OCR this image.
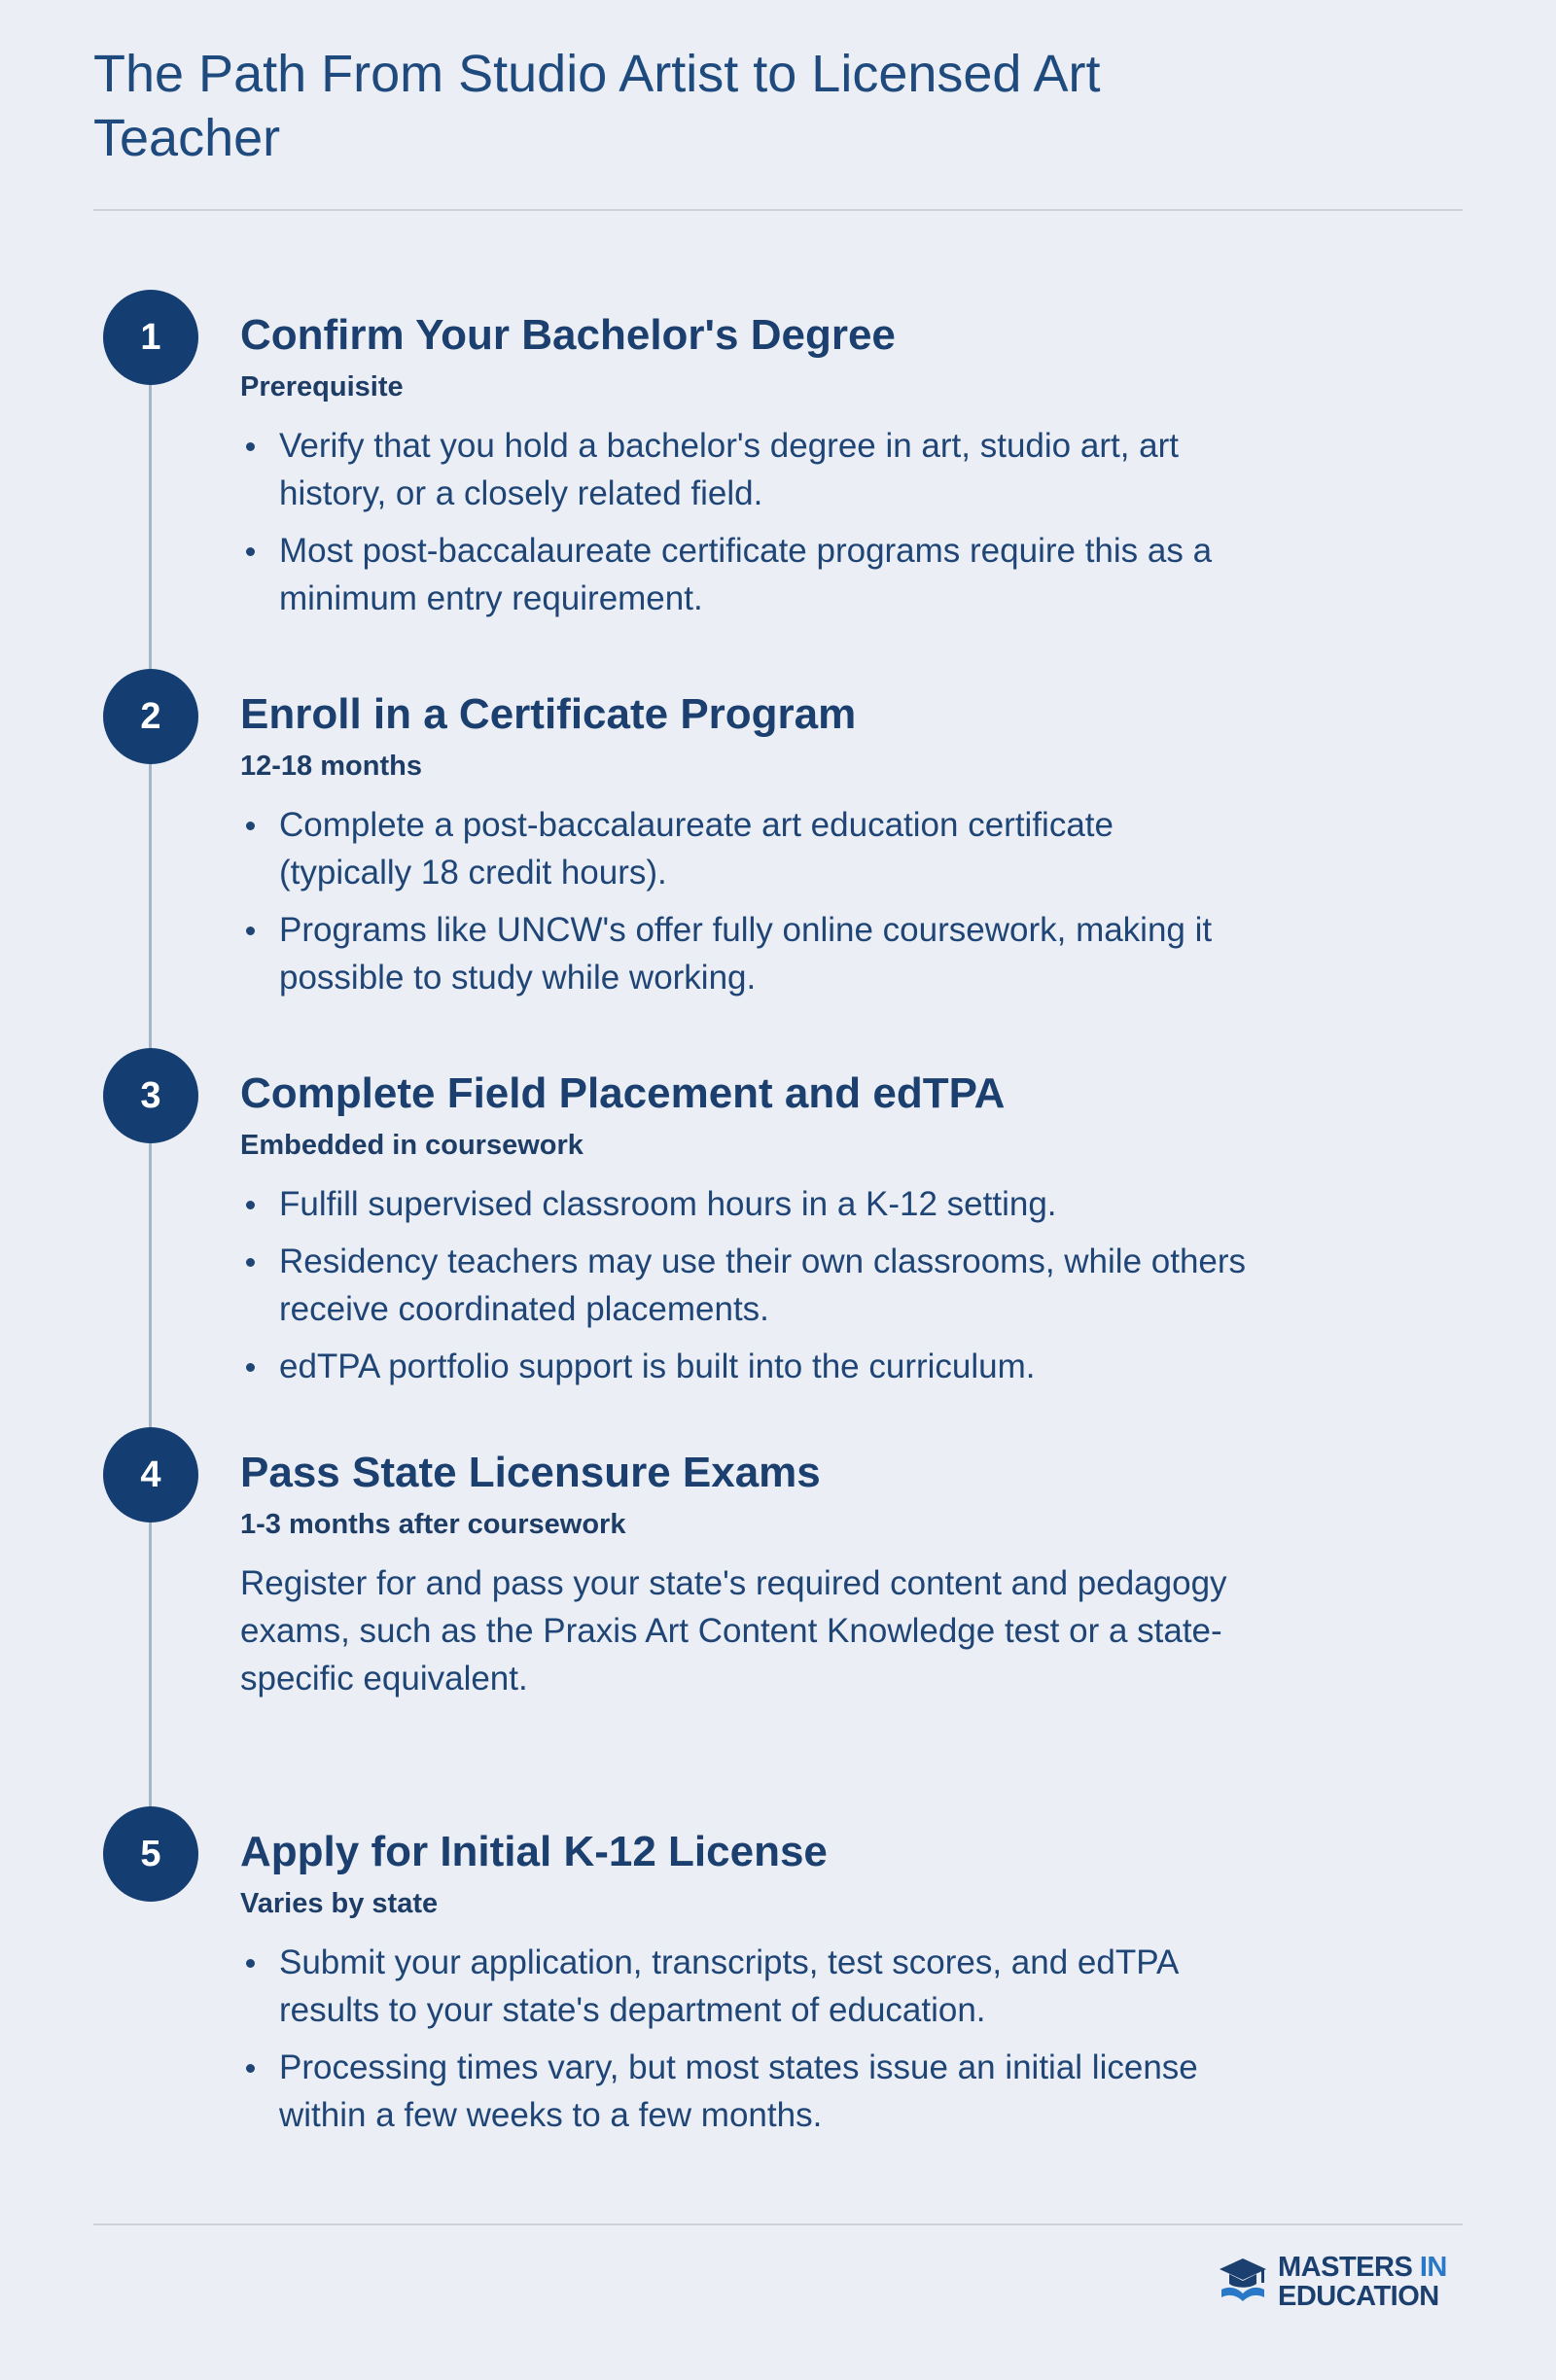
The Path From Studio Artist to Licensed Art Teacher
1	Confirm Your Bachelor's Degree
Prerequisite
Verify that you hold a bachelor's degree in art, studio art, art history, or a closely related field.
Most post-baccalaureate certificate programs require this as a minimum entry requirement.
2	Enroll in a Certificate Program
12-18 months
Complete a post-baccalaureate art education certificate (typically 18 credit hours).
Programs like UNCW's offer fully online coursework, making it possible to study while working.
3	Complete Field Placement and edTPA
Embedded in coursework
Fulfill supervised classroom hours in a K-12 setting.
Residency teachers may use their own classrooms, while others receive coordinated placements.
edTPA portfolio support is built into the curriculum.
4	Pass State Licensure Exams
1-3 months after coursework

Register for and pass your state's required content and pedagogy exams, such as the Praxis Art Content Knowledge test or a state-specific equivalent.

5	Apply for Initial K-12 License
Varies by state
Submit your application, transcripts, test scores, and edTPA results to your state's department of education.
Processing times vary, but most states issue an initial license within a few weeks to a few months.
MASTERS IN
EDUCATION
